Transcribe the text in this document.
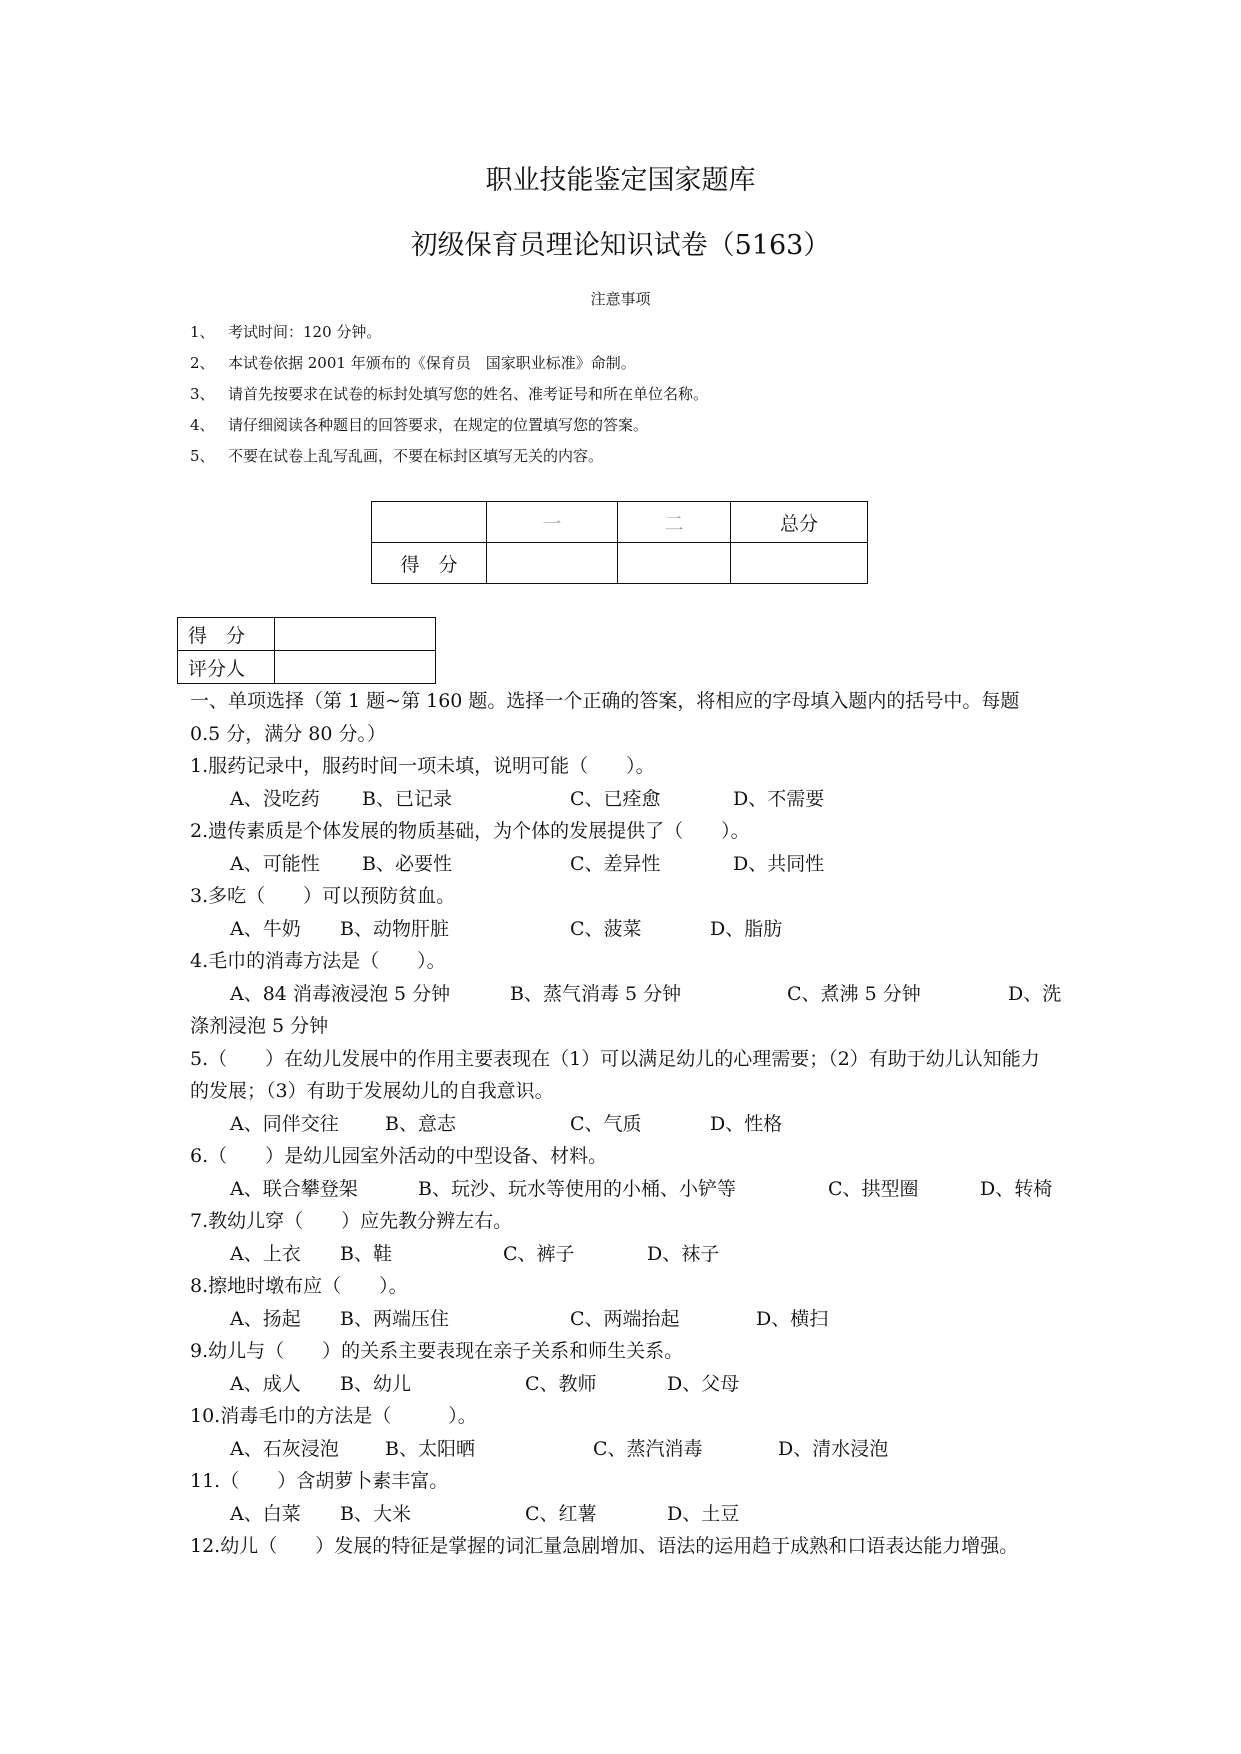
职业技能鉴定国家题库
初级保育员理论知识试卷（5163）
注意事项
1、 考试时间：120 分钟。
2、 本试卷依据 2001 年颁布的《保育员　国家职业标准》命制。
3、 请首先按要求在试卷的标封处填写您的姓名、准考证号和所在单位名称。
4、 请仔细阅读各种题目的回答要求，在规定的位置填写您的答案。
5、 不要在试卷上乱写乱画，不要在标封区填写无关的内容。
	一	二	总分
得　分			
得　分	
评分人	
一、单项选择（第 1 题~第 160 题。选择一个正确的答案，将相应的字母填入题内的括号中。每题 0.5 分，满分 80 分。）
1.服药记录中，服药时间一项未填，说明可能（　　）。
A、没吃药 B、已记录	C、已痊愈	D、不需要
2.遗传素质是个体发展的物质基础，为个体的发展提供了（　　）。
A、可能性 B、必要性	C、差异性	D、共同性
3.多吃（　　）可以预防贫血。
A、牛奶 B、动物肝脏	C、菠菜	D、脂肪
4.毛巾的消毒方法是（　　）。
A、84 消毒液浸泡 5 分钟	B、蒸气消毒 5 分钟	C、煮沸 5 分钟	D、洗
涤剂浸泡 5 分钟
5.（　　）在幼儿发展中的作用主要表现在（1）可以满足幼儿的心理需要；（2）有助于幼儿认知能力的发展；（3）有助于发展幼儿的自我意识。
A、同伴交往 B、意志	C、气质	D、性格
6.（　　）是幼儿园室外活动的中型设备、材料。
A、联合攀登架	B、玩沙、玩水等使用的小桶、小铲等	C、拱型圈	D、转椅
7.教幼儿穿（　　）应先教分辨左右。
A、上衣 B、鞋	C、裤子	D、袜子
8.擦地时墩布应（　　）。
A、扬起 B、两端压住	C、两端抬起	D、横扫
9.幼儿与（　　）的关系主要表现在亲子关系和师生关系。
A、成人 B、幼儿	C、教师	D、父母
10.消毒毛巾的方法是（　　　）。
A、石灰浸泡 B、太阳晒	C、蒸汽消毒	D、清水浸泡
11.（　　）含胡萝卜素丰富。
A、白菜 B、大米	C、红薯	D、土豆
12.幼儿（　　）发展的特征是掌握的词汇量急剧增加、语法的运用趋于成熟和口语表达能力增强。
